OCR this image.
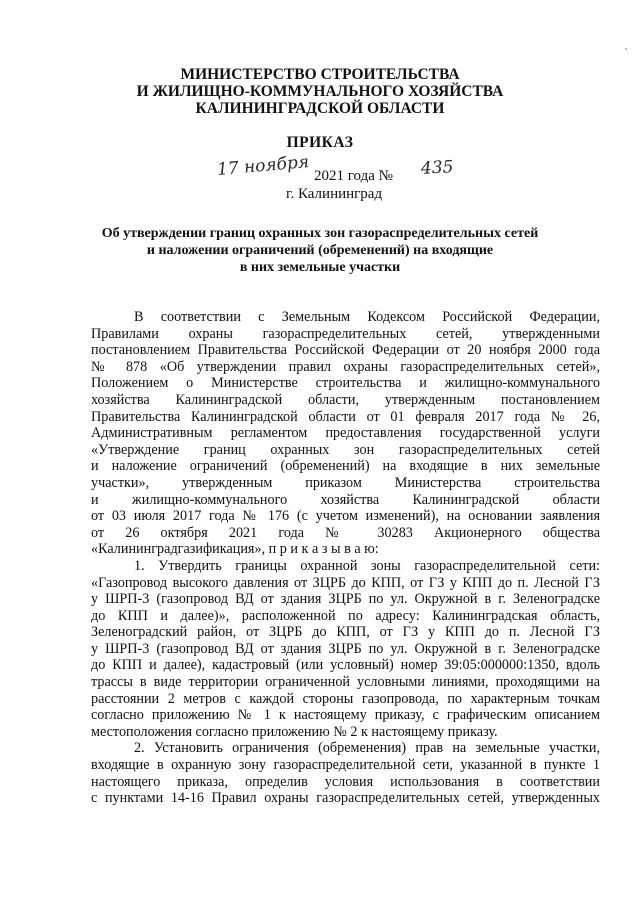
`
МИНИСТЕРСТВО СТРОИТЕЛЬСТВА
И ЖИЛИЩНО-КОММУНАЛЬНОГО ХОЗЯЙСТВА
КАЛИНИНГРАДСКОЙ ОБЛАСТИ
ПРИКАЗ
17 ноября 2021 года № 435
г. Калининград
Об утверждении границ охранных зон газораспределительных сетей
и наложении ограничений (обременений) на входящие
в них земельные участки
В соответствии с Земельным Кодексом Российской Федерации,
Правилами охраны газораспределительных сетей, утвержденными
постановлением Правительства Российской Федерации от 20 ноября 2000 года
№ 878 «Об утверждении правил охраны газораспределительных сетей»,
Положением о Министерстве строительства и жилищно-коммунального
хозяйства Калининградской области, утвержденным постановлением
Правительства Калининградской области от 01 февраля 2017 года № 26,
Административным регламентом предоставления государственной услуги
«Утверждение границ охранных зон газораспределительных сетей
и наложение ограничений (обременений) на входящие в них земельные
участки», утвержденным приказом Министерства строительства
и жилищно-коммунального хозяйства Калининградской области
от 03 июля 2017 года № 176 (с учетом изменений), на основании заявления
от 26 октября 2021 года № 30283 Акционерного общества
«Калининградгазификация», п р и к а з ы в а ю:
1. Утвердить границы охранной зоны газораспределительной сети:
«Газопровод высокого давления от ЗЦРБ до КПП, от ГЗ у КПП до п. Лесной ГЗ
у ШРП-3 (газопровод ВД от здания ЗЦРБ по ул. Окружной в г. Зеленоградске
до КПП и далее)», расположенной по адресу: Калининградская область,
Зеленоградский район, от ЗЦРБ до КПП, от ГЗ у КПП до п. Лесной ГЗ
у ШРП-3 (газопровод ВД от здания ЗЦРБ по ул. Окружной в г. Зеленоградске
до КПП и далее), кадастровый (или условный) номер 39:05:000000:1350, вдоль
трассы в виде территории ограниченной условными линиями, проходящими на
расстоянии 2 метров с каждой стороны газопровода, по характерным точкам
согласно приложению № 1 к настоящему приказу, с графическим описанием
местоположения согласно приложению № 2 к настоящему приказу.
2. Установить ограничения (обременения) прав на земельные участки,
входящие в охранную зону газораспределительной сети, указанной в пункте 1
настоящего приказа, определив условия использования в соответствии
с пунктами 14-16 Правил охраны газораспределительных сетей, утвержденных
